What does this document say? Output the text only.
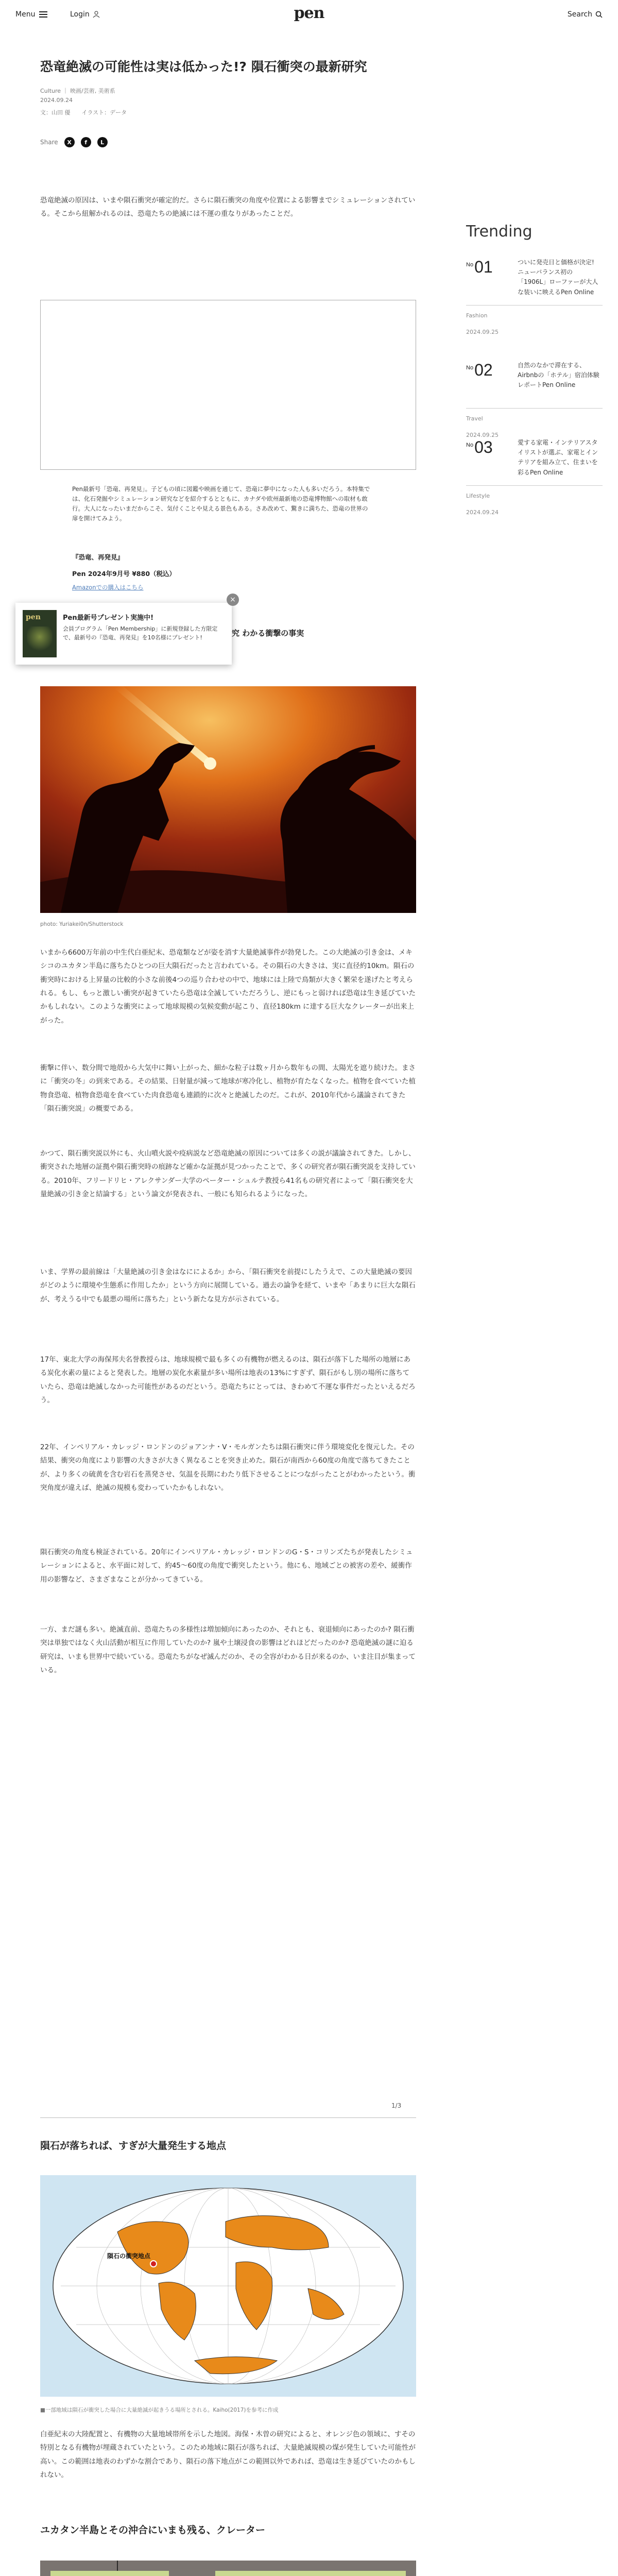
Menu	Login	pen	Search
恐竜絶滅の可能性は実は低かった!? 隕石衝突の最新研究
Culture ｜ 映画/芸術, 美術系
2024.09.24
文：山田 優　　イラスト：データ
Share	X	f	L

恐竜絶滅の原因は、いまや隕石衝突が確定的だ。さらに隕石衝突の角度や位置による影響までシミュレーションされている。そこから紐解かれるのは、恐竜たちの絶滅には不運の重なりがあったことだ。

Pen最新号「恐竜、再発見」。子どもの頃に図鑑や映画を通じて、恐竜に夢中になった人も多いだろう。本特集では、化石発掘やシミュレーション研究などを紹介するとともに、カナダや欧州最新地の恐竜博物館への取材も敢行。大人になったいまだからこそ、気付くことや見える景色もある。さあ改めて、驚きに満ちた、恐竜の世界の扉を開けてみよう。

『恐竜、再発見』
Pen 2024年9月号 ¥880（税込）
Amazonでの購入はこちら
究 わかる衝撃の事実
pen	Pen最新号プレゼント実施中!
会員プログラム「Pen Membership」に新規登録した方限定で、最新号の『恐竜、再発見』を10名様にプレゼント!
×
photo: Yuriakei0n/Shutterstock

いまから6600万年前の中生代白亜紀末、恐竜類などが姿を消す大量絶滅事件が勃発した。この大絶滅の引き金は、メキシコのユカタン半島に落ちたひとつの巨大隕石だったと言われている。その隕石の大きさは、実に直径約10km。隕石の衝突時における上昇量の比較的小さな前後4つの巡り合わせの中で、地球には上陸で鳥類が大きく繁栄を遂げたと考えられる。もし、もっと激しい衝突が起きていたら恐竜は全滅していただろうし、逆にもっと弱ければ恐竜は生き延びていたかもしれない。このような衝突によって地球規模の気候変動が起こり、直径180km に達する巨大なクレーターが出来上がった。

衝撃に伴い、数分間で地殻から大気中に舞い上がった、細かな粒子は数ヶ月から数年もの間、太陽光を遮り続けた。まさに「衝突の冬」の到来である。その結果、日射量が減って地球が寒冷化し、植物が育たなくなった。植物を食べていた植物食恐竜、植物食恐竜を食べていた肉食恐竜も連鎖的に次々と絶滅したのだ。これが、2010年代から議論されてきた「隕石衝突説」の概要である。

かつて、隕石衝突説以外にも、火山噴火説や疫病説など恐竜絶滅の原因については多くの説が議論されてきた。しかし、衝突された地層の証拠や隕石衝突時の痕跡など確かな証拠が見つかったことで、多くの研究者が隕石衝突説を支持している。2010年、フリードリヒ・アレクサンダー大学のペーター・シュルテ教授ら41名もの研究者によって「隕石衝突を大量絶滅の引き金と結論する」という論文が発表され、一般にも知られるようになった。

いま、学界の最前線は「大量絶滅の引き金はなにによるか」から、「隕石衝突を前提にしたうえで、この大量絶滅の要因がどのように環境や生態系に作用したか」という方向に展開している。過去の論争を経て、いまや「あまりに巨大な隕石が、考えうる中でも最悪の場所に落ちた」という新たな見方が示されている。

17年、東北大学の海保邦夫名誉教授らは、地球規模で最も多くの有機物が燃えるのは、隕石が落下した場所の地層にある炭化水素の量によると発表した。地層の炭化水素量が多い場所は地表の13%にすぎず、隕石がもし別の場所に落ちていたら、恐竜は絶滅しなかった可能性があるのだという。恐竜たちにとっては、きわめて不運な事件だったといえるだろう。

22年、インペリアル・カレッジ・ロンドンのジョアンナ・V・モルガンたちは隕石衝突に伴う環境変化を復元した。その結果、衝突の角度により影響の大きさが大きく異なることを突き止めた。隕石が南西から60度の角度で落ちてきたことが、より多くの硫黄を含む岩石を蒸発させ、気温を長期にわたり低下させることにつながったことがわかったという。衝突角度が違えば、絶滅の規模も変わっていたかもしれない。

隕石衝突の角度も検証されている。20年にインペリアル・カレッジ・ロンドンのG・S・コリンズたちが発表したシミュレーションによると、水平面に対して、約45〜60度の角度で衝突したという。他にも、地域ごとの被害の差や、緩衝作用の影響など、さまざまなことが分かってきている。

一方、まだ謎も多い。絶滅直前、恐竜たちの多様性は増加傾向にあったのか、それとも、衰退傾向にあったのか? 隕石衝突は単独ではなく火山活動が相互に作用していたのか? 嵐や土壌浸食の影響はどれほどだったのか? 恐竜絶滅の謎に迫る研究は、いまも世界中で続いている。恐竜たちがなぜ滅んだのか、その全容がわかる日が来るのか、いま注目が集まっている。

1/3
隕石が落ちれば、すぎが大量発生する地点
隕石の衝突地点
■一部地域は隕石が衝突した場合に大量絶滅が起きうる場所とされる。Kaiho(2017)を参考に作成

白亜紀末の大陸配置と、有機物の大量地域帯所を示した地図。海保・木曽の研究によると、オレンジ色の領域に、すその特別となる有機物が埋蔵されていたという。このため地域に隕石が落ちれば、大量絶滅規模の煤が発生していた可能性が高い。この範囲は地表のわずかな割合であり、隕石の落下地点がこの範囲以外であれば、恐竜は生き延びていたのかもしれない。

ユカタン半島とその沖合にいまも残る、クレーター

Trending
$^{No}$01	ついに発売日と価格が決定! ニューバランス初の「1906L」ローファーが大人な装いに映えるPen Online
Fashion
2024.09.25
$^{No}$02	自然のなかで滞在する、Airbnbの「ホテル」宿泊体験レポートPen Online
Travel
2024.09.25
$^{No}$03	愛する家電・インテリアスタイリストが選ぶ、家電とインテリアを組み立て、住まいを彩るPen Online
Lifestyle
2024.09.24
